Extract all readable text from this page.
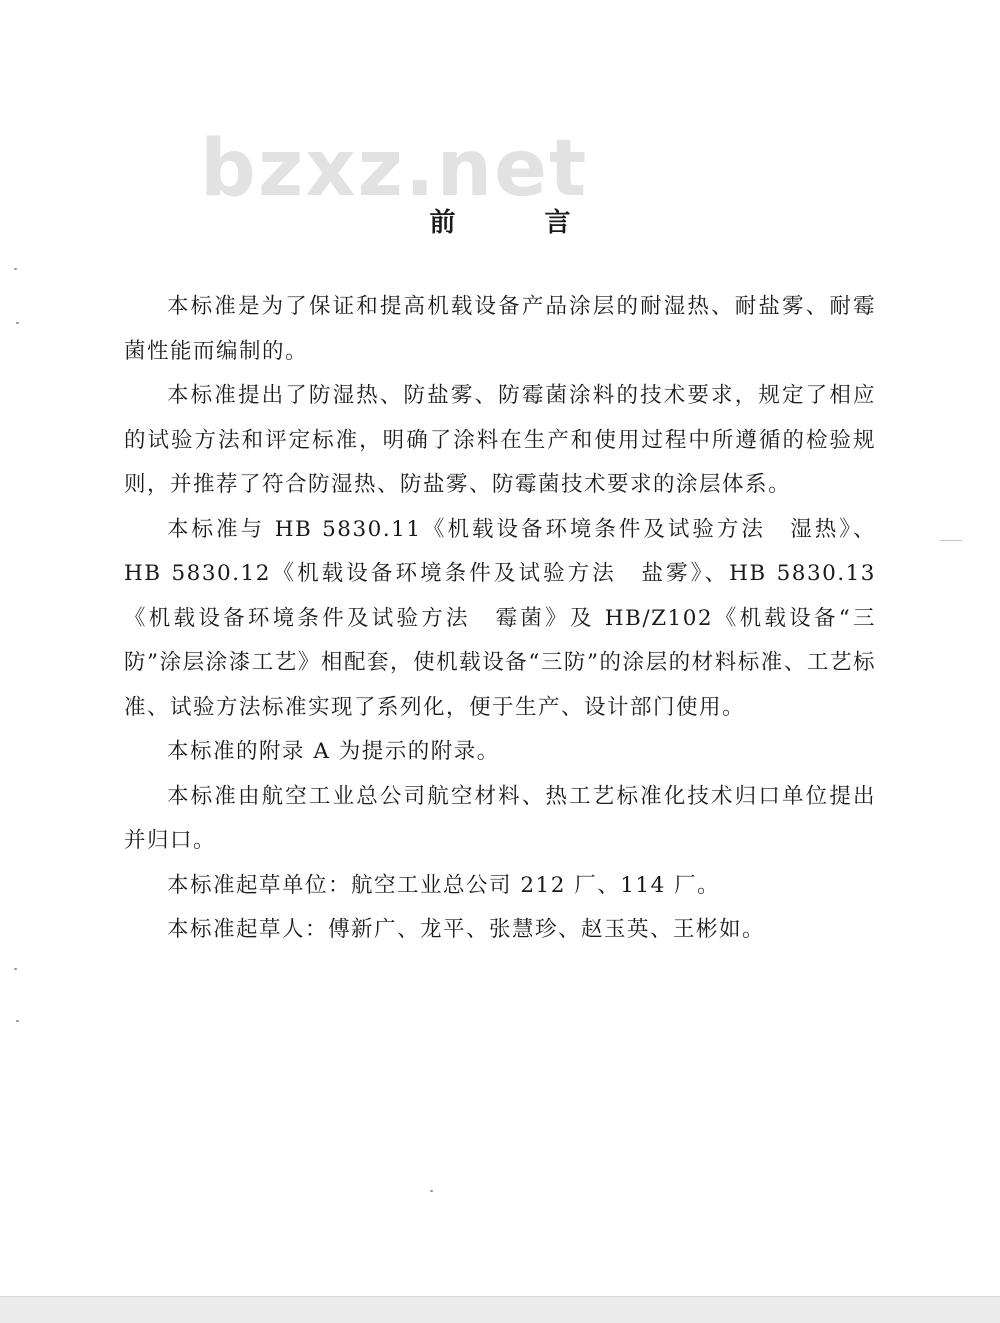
bzxz.net
前 言

本标准是为了保证和提高机载设备产品涂层的耐湿热、耐盐雾、耐霉菌性能而编制的。

本标准提出了防湿热、防盐雾、防霉菌涂料的技术要求，规定了相应的试验方法和评定标准，明确了涂料在生产和使用过程中所遵循的检验规则，并推荐了符合防湿热、防盐雾、防霉菌技术要求的涂层体系。

本标准与 HB 5830.11《机载设备环境条件及试验方法　湿热》、HB 5830.12《机载设备环境条件及试验方法　盐雾》、HB 5830.13《机载设备环境条件及试验方法　霉菌》及 HB/Z102《机载设备“三防”涂层涂漆工艺》相配套，使机载设备“三防”的涂层的材料标准、工艺标准、试验方法标准实现了系列化，便于生产、设计部门使用。

本标准的附录 A 为提示的附录。

本标准由航空工业总公司航空材料、热工艺标准化技术归口单位提出并归口。

本标准起草单位：航空工业总公司 212 厂、114 厂。

本标准起草人：傅新广、龙平、张慧珍、赵玉英、王彬如。
